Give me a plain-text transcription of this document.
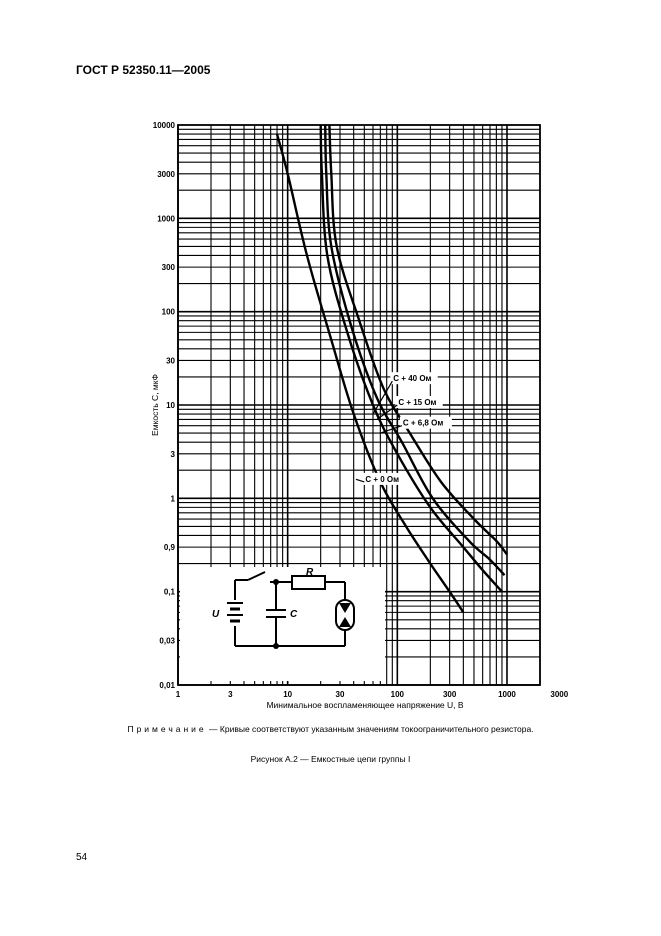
ГОСТ Р 52350.11—2005
1	3	10	30	100	300	1000	3000
10000
3000
1000
300
100
30
10
3
1
0,9
0,1
0,03
0,01
R
U	C
C + 40 Ом
C + 15 Ом
C + 6,8 Ом
C + 0 Ом
Минимальное воспламеняющее напряжение U, В
Емкость C, мкФ
Примечание — Кривые соответствуют указанным значениям токоограничительного резистора.
Рисунок А.2 — Емкостные цепи группы I
54
